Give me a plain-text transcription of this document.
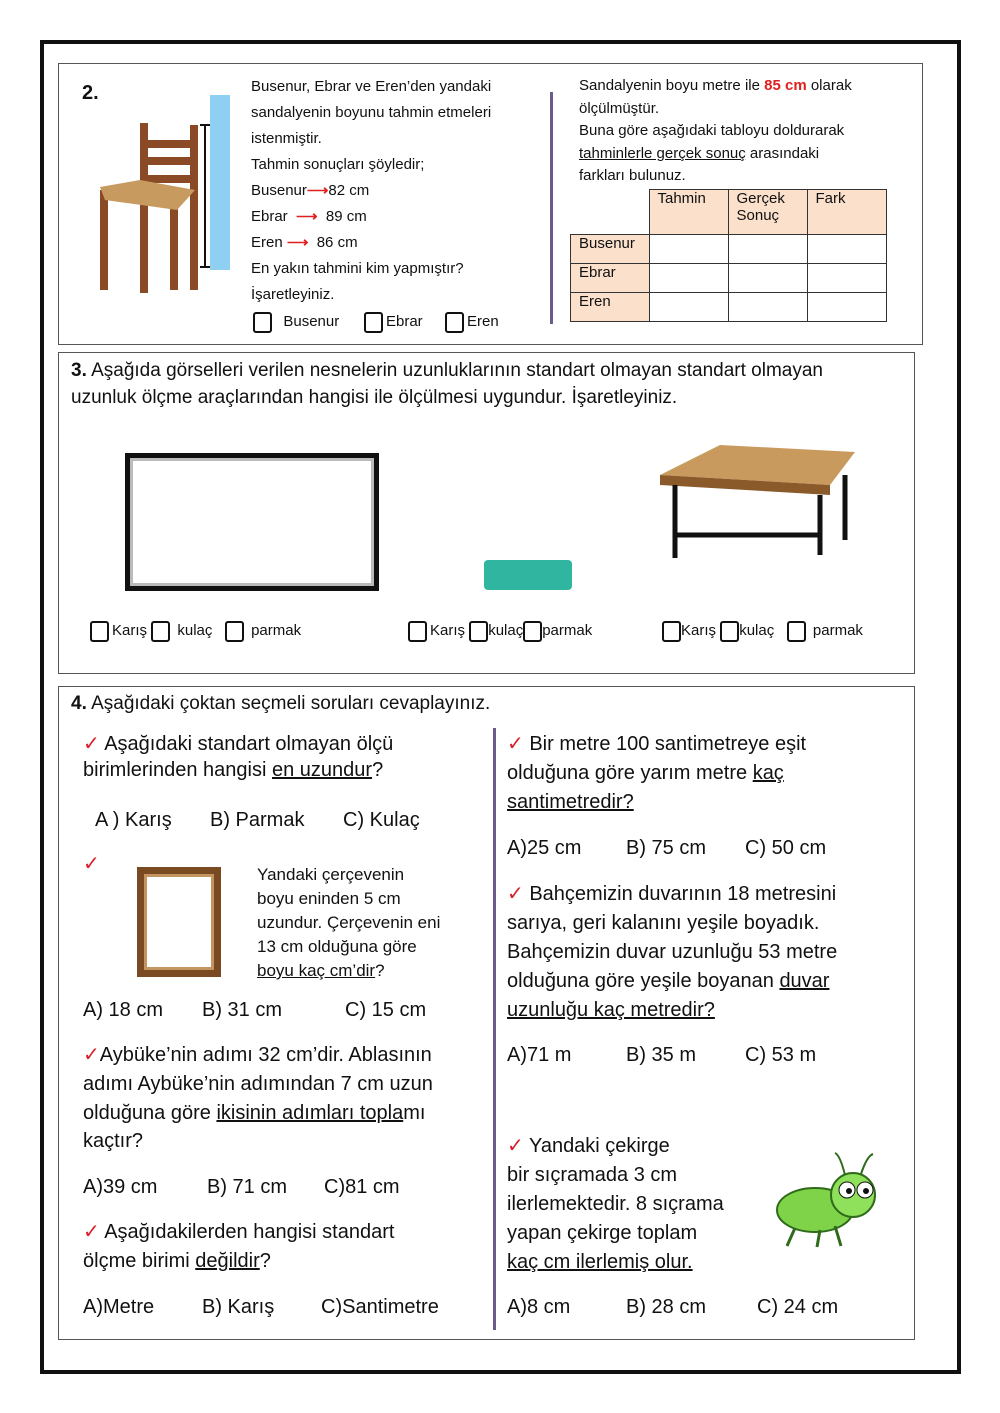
2.	Busenur, Ebrar ve Eren’den yandaki
sandalyenin boyunu tahmin etmeleri
istenmiştir.
Tahmin sonuçları şöyledir;
Busenur⟶82 cm
Ebrar ⟶ 89 cm
Eren ⟶ 86 cm
En yakın tahmini kim yapmıştır?
İşaretleyiniz.
Busenur	Ebrar	Eren
Sandalyenin boyu metre ile 85 cm olarak
ölçülmüştür.
Buna göre aşağıdaki tabloyu doldurarak
tahminlerle gerçek sonuç arasındaki
farkları bulunuz.
	Tahmin	Gerçek Sonuç	Fark
Busenur			
Ebrar			
Eren			
3. Aşağıda görselleri verilen nesnelerin uzunluklarının standart olmayan standart olmayan
uzunluk ölçme araçlarından hangisi ile ölçülmesi uygundur. İşaretleyiniz.
Karış kulaç	parmak	Karış kulaç parmak	Karış kulaç	parmak
4. Aşağıdaki çoktan seçmeli soruları cevaplayınız.
✓ Aşağıdaki standart olmayan ölçü
birimlerinden hangisi en uzundur?
A ) Karış B) Parmak C) Kulaç
✓	Yandaki çerçevenin
boyu eninden 5 cm
uzundur. Çerçevenin eni
13 cm olduğuna göre
boyu kaç cm’dir?
A) 18 cm B) 31 cm	C) 15 cm
✓Aybüke’nin adımı 32 cm’dir. Ablasının
adımı Aybüke’nin adımından 7 cm uzun
olduğuna göre ikisinin adımları toplamı
kaçtır?
A)39 cm B) 71 cm C)81 cm
✓ Aşağıdakilerden hangisi standart
ölçme birimi değildir?
A)Metre B) Karış C)Santimetre
✓ Bir metre 100 santimetreye eşit
olduğuna göre yarım metre kaç
santimetredir?
A)25 cm B) 75 cm C) 50 cm
✓ Bahçemizin duvarının 18 metresini
sarıya, geri kalanını yeşile boyadık.
Bahçemizin duvar uzunluğu 53 metre
olduğuna göre yeşile boyanan duvar
uzunluğu kaç metredir?
A)71 m	B) 35 m C) 53 m
✓ Yandaki çekirge
bir sıçramada 3 cm
ilerlemektedir. 8 sıçrama
yapan çekirge toplam
kaç cm ilerlemiş olur.
A)8 cm	B) 28 cm	C) 24 cm
